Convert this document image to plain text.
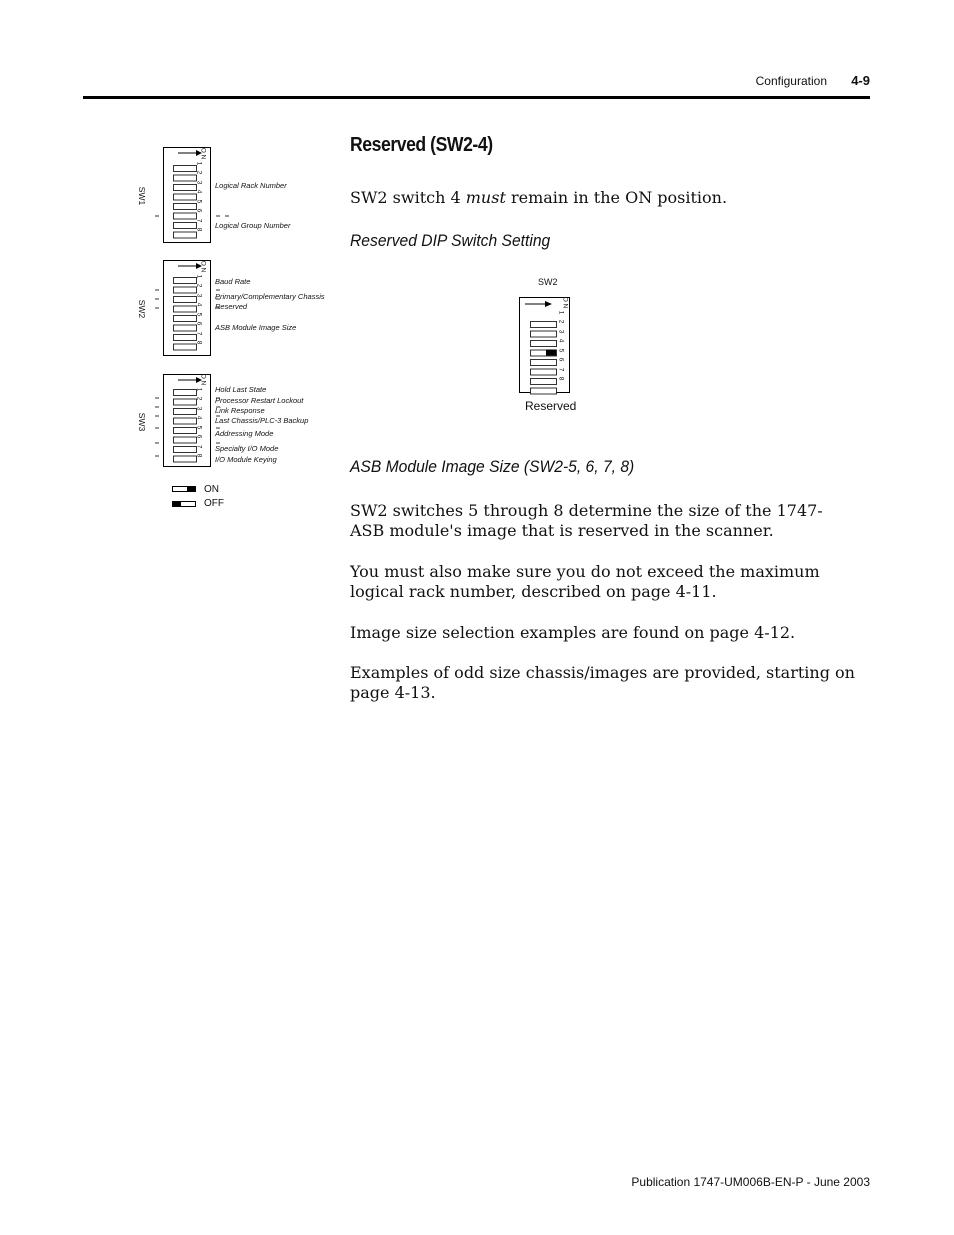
Configuration	4-9
SW1
SW2
SW3
O N
1
2
3
4
5
6
7
8
O N
1
2
3
4
5
6
7
8
O N
1
2
3
4
5
6
7
8
Logical Rack Number
Logical Group Number
Baud Rate
Primary/Complementary Chassis
Reserved
ASB Module Image Size
Hold Last State
Processor Restart Lockout
Link Response
Last Chassis/PLC-3 Backup
Addressing Mode
Specialty I/O Mode
I/O Module Keying
ON
OFF
Reserved (SW2-4)
SW2 switch 4 must remain in the ON position.
Reserved DIP Switch Setting
SW2
O N
1
2
3
4
5
6
7
8
Reserved
ASB Module Image Size (SW2-5, 6, 7, 8)
SW2 switches 5 through 8 determine the size of the 1747-ASB module's image that is reserved in the scanner.
You must also make sure you do not exceed the maximum logical rack number, described on page 4-11.
Image size selection examples are found on page 4-12.
Examples of odd size chassis/images are provided, starting on page 4-13.
Publication 1747-UM006B-EN-P - June 2003
